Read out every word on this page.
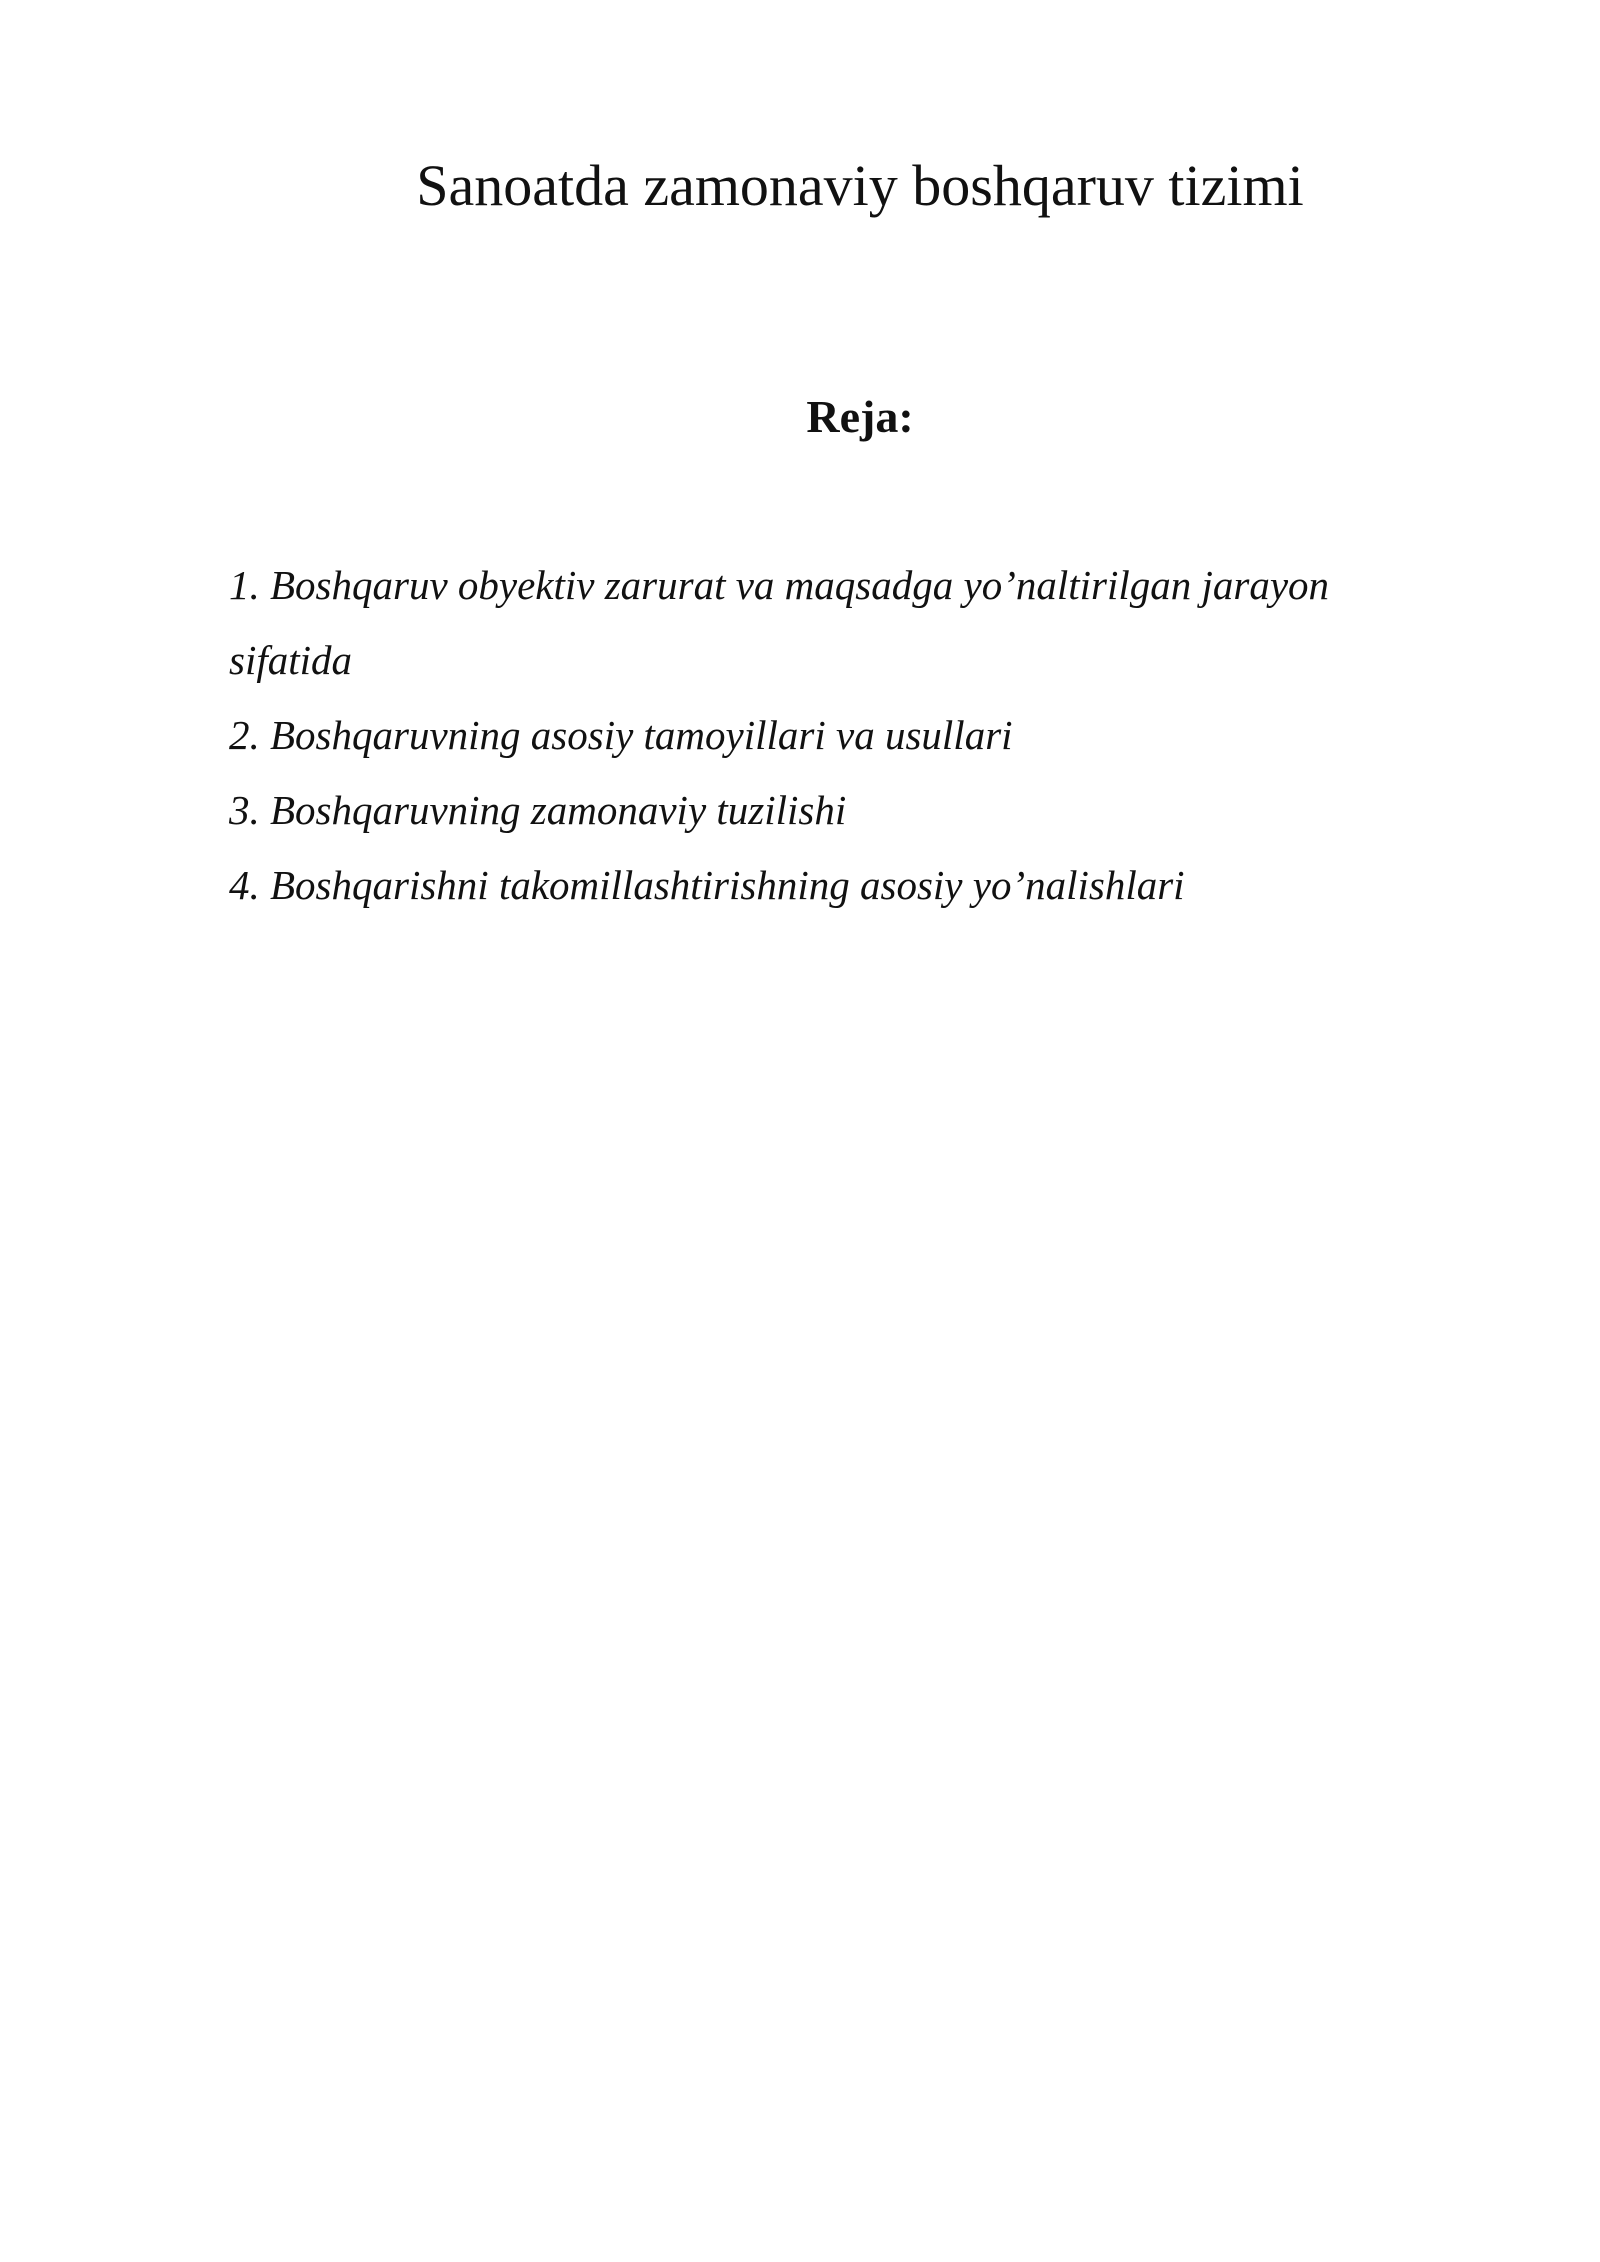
Sanoatda zamonaviy boshqaruv tizimi
Reja:
1. Boshqaruv obyektiv zarurat va maqsadga yo’naltirilgan jarayon
sifatida
2. Boshqaruvning asosiy tamoyillari va usullari
3. Boshqaruvning zamonaviy tuzilishi
4. Boshqarishni takomillashtirishning asosiy yo’nalishlari
